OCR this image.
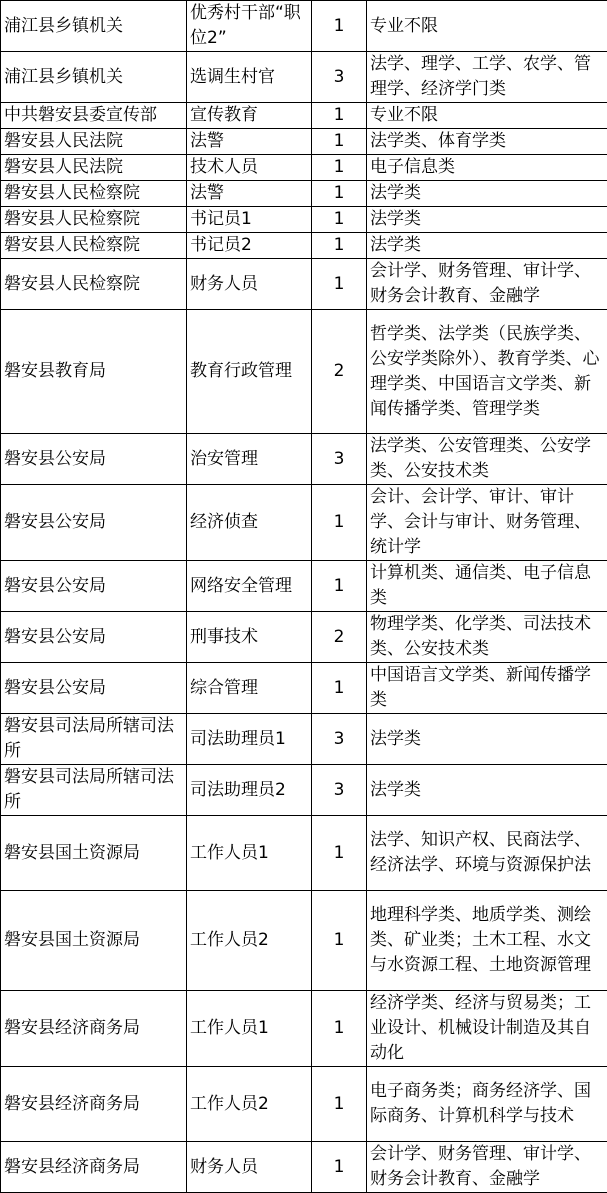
浦江县乡镇机关	优秀村干部“职位2”	1	专业不限
浦江县乡镇机关	选调生村官	3	法学、理学、工学、农学、管理学、经济学门类
中共磐安县委宣传部	宣传教育	1	专业不限
磐安县人民法院	法警	1	法学类、体育学类
磐安县人民法院	技术人员	1	电子信息类
磐安县人民检察院	法警	1	法学类
磐安县人民检察院	书记员1	1	法学类
磐安县人民检察院	书记员2	1	法学类
磐安县人民检察院	财务人员	1	会计学、财务管理、审计学、财务会计教育、金融学
磐安县教育局	教育行政管理	2	哲学类、法学类（民族学类、公安学类除外）、教育学类、心理学类、中国语言文学类、新闻传播学类、管理学类
磐安县公安局	治安管理	3	法学类、公安管理类、公安学类、公安技术类
磐安县公安局	经济侦查	1	会计、会计学、审计、审计学、会计与审计、财务管理、统计学
磐安县公安局	网络安全管理	1	计算机类、通信类、电子信息类
磐安县公安局	刑事技术	2	物理学类、化学类、司法技术类、公安技术类
磐安县公安局	综合管理	1	中国语言文学类、新闻传播学类
磐安县司法局所辖司法所	司法助理员1	3	法学类
磐安县司法局所辖司法所	司法助理员2	3	法学类
磐安县国土资源局	工作人员1	1	法学、知识产权、民商法学、经济法学、环境与资源保护法
磐安县国土资源局	工作人员2	1	地理科学类、地质学类、测绘类、矿业类；土木工程、水文与水资源工程、土地资源管理
磐安县经济商务局	工作人员1	1	经济学类、经济与贸易类；工业设计、机械设计制造及其自动化
磐安县经济商务局	工作人员2	1	电子商务类；商务经济学、国际商务、计算机科学与技术
磐安县经济商务局	财务人员	1	会计学、财务管理、审计学、财务会计教育、金融学
